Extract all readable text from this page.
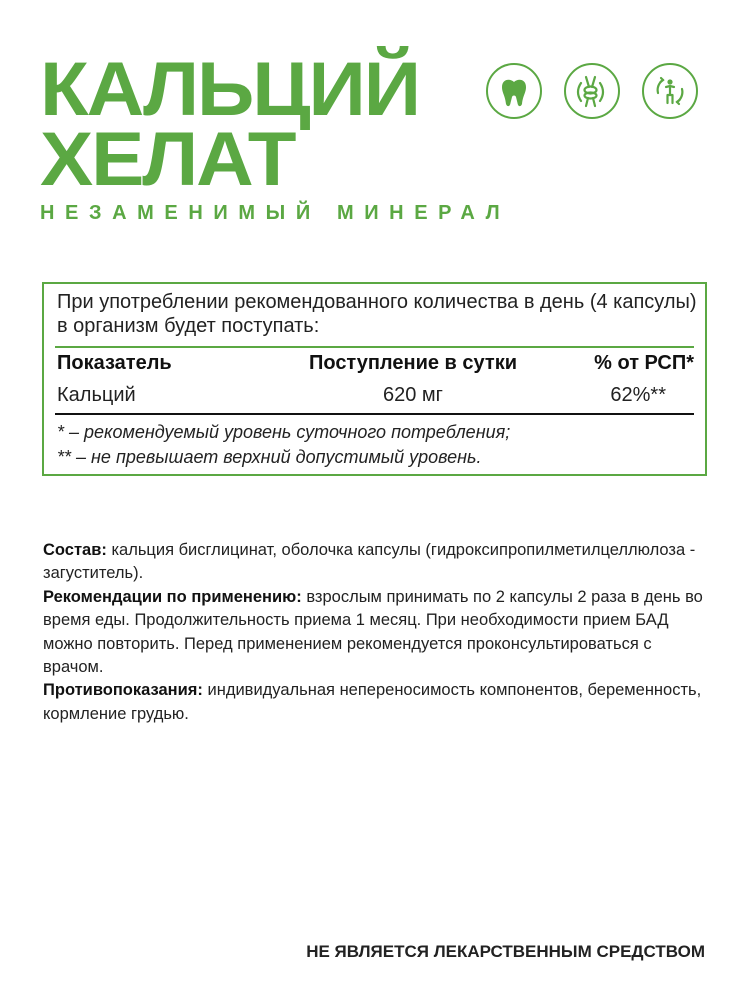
КАЛЬЦИЙ
ХЕЛАТ
НЕЗАМЕНИМЫЙ МИНЕРАЛ
При употреблении рекомендованного количества в день (4 капсулы) в организм будет поступать:
Показатель	Поступление в сутки	% от РСП*
Кальций	620 мг	62%**
* – рекомендуемый уровень суточного потребления;
** – не превышает верхний допустимый уровень.

Состав: кальция бисглицинат, оболочка капсулы (гидроксипропилметилцеллюлоза - загуститель).

Рекомендации по применению: взрослым принимать по 2 капсулы 2 раза в день во время еды. Продолжительность приема 1 месяц. При необходимости прием БАД можно повторить. Перед применением рекомендуется проконсультироваться с врачом.

Противопоказания: индивидуальная непереносимость компонентов, беременность, кормление грудью.

НЕ ЯВЛЯЕТСЯ ЛЕКАРСТВЕННЫМ СРЕДСТВОМ
